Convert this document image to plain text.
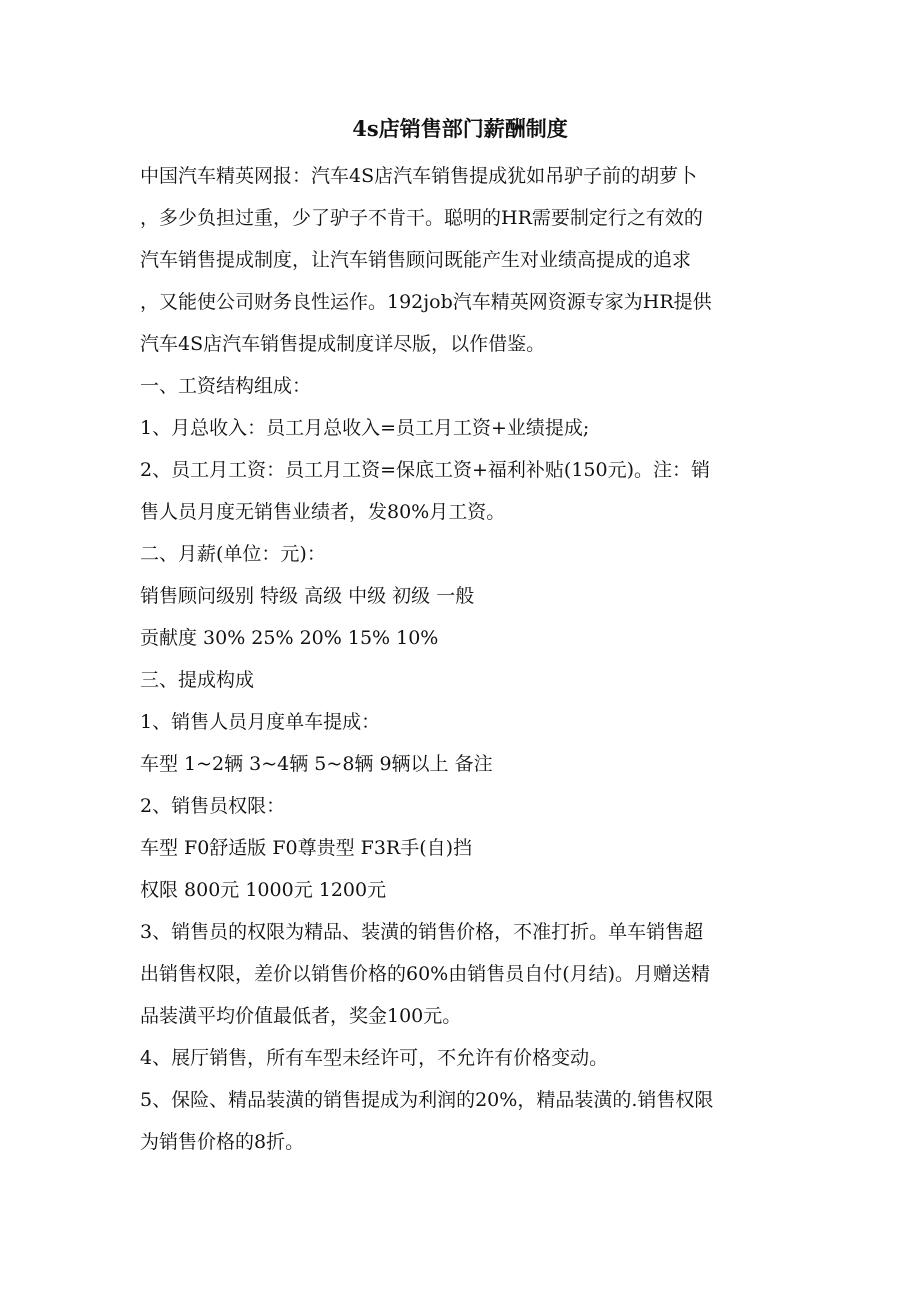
4s店销售部门薪酬制度
中国汽车精英网报：汽车4S店汽车销售提成犹如吊驴子前的胡萝卜
，多少负担过重，少了驴子不肯干。聪明的HR需要制定行之有效的
汽车销售提成制度，让汽车销售顾问既能产生对业绩高提成的追求
，又能使公司财务良性运作。192job汽车精英网资源专家为HR提供
汽车4S店汽车销售提成制度详尽版，以作借鉴。
一、工资结构组成：
1、月总收入：员工月总收入=员工月工资+业绩提成;
2、员工月工资：员工月工资=保底工资+福利补贴(150元)。注：销
售人员月度无销售业绩者，发80%月工资。
二、月薪(单位：元)：
销售顾问级别 特级 高级 中级 初级 一般
贡献度 30% 25% 20% 15% 10%
三、提成构成
1、销售人员月度单车提成：
车型 1~2辆 3~4辆 5~8辆 9辆以上 备注
2、销售员权限：
车型 F0舒适版 F0尊贵型 F3R手(自)挡
权限 800元 1000元 1200元
3、销售员的权限为精品、装潢的销售价格，不准打折。单车销售超
出销售权限，差价以销售价格的60%由销售员自付(月结)。月赠送精
品装潢平均价值最低者，奖金100元。
4、展厅销售，所有车型未经许可，不允许有价格变动。
5、保险、精品装潢的销售提成为利润的20%，精品装潢的.销售权限
为销售价格的8折。
